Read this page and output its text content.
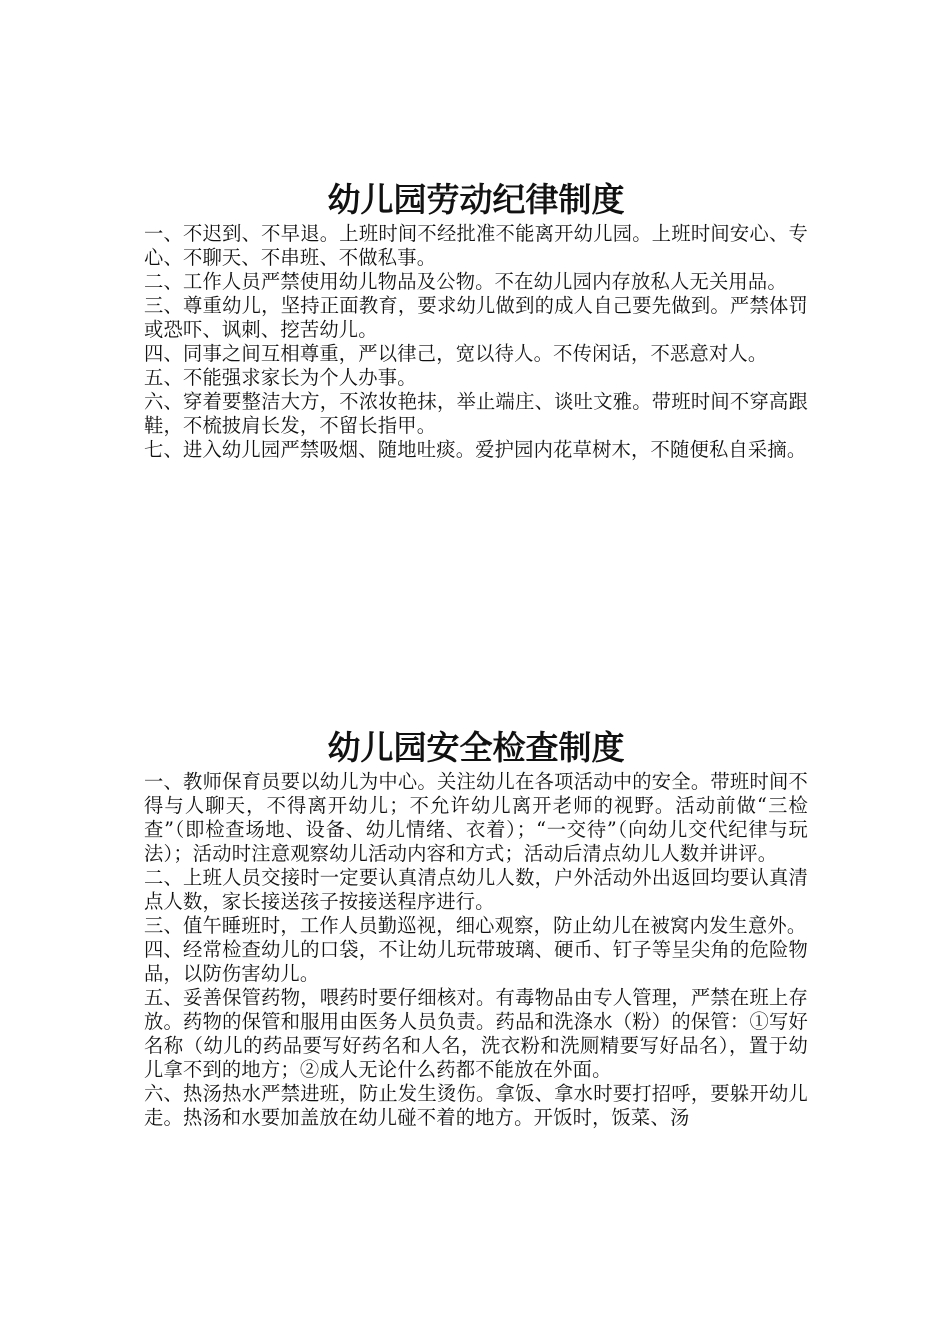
幼儿园劳动纪律制度

一、不迟到、不早退。上班时间不经批准不能离开幼儿园。上班时间安心、专心、不聊天、不串班、不做私事。

二、工作人员严禁使用幼儿物品及公物。不在幼儿园内存放私人无关用品。

三、尊重幼儿，坚持正面教育，要求幼儿做到的成人自己要先做到。严禁体罚或恐吓、讽刺、挖苦幼儿。

四、同事之间互相尊重，严以律己，宽以待人。不传闲话，不恶意对人。

五、不能强求家长为个人办事。

六、穿着要整洁大方，不浓妆艳抹，举止端庄、谈吐文雅。带班时间不穿高跟鞋，不梳披肩长发，不留长指甲。

七、进入幼儿园严禁吸烟、随地吐痰。爱护园内花草树木，不随便私自采摘。

幼儿园安全检查制度

一、教师保育员要以幼儿为中心。关注幼儿在各项活动中的安全。带班时间不得与人聊天，不得离开幼儿；不允许幼儿离开老师的视野。活动前做“三检查”（即检查场地、设备、幼儿情绪、衣着）；“一交待”（向幼儿交代纪律与玩法）；活动时注意观察幼儿活动内容和方式；活动后清点幼儿人数并讲评。

二、上班人员交接时一定要认真清点幼儿人数，户外活动外出返回均要认真清点人数，家长接送孩子按接送程序进行。

三、值午睡班时，工作人员勤巡视，细心观察，防止幼儿在被窝内发生意外。

四、经常检查幼儿的口袋，不让幼儿玩带玻璃、硬币、钉子等呈尖角的危险物品，以防伤害幼儿。

五、妥善保管药物，喂药时要仔细核对。有毒物品由专人管理，严禁在班上存放。药物的保管和服用由医务人员负责。药品和洗涤水（粉）的保管：①写好名称（幼儿的药品要写好药名和人名，洗衣粉和洗厕精要写好品名），置于幼儿拿不到的地方；②成人无论什么药都不能放在外面。

六、热汤热水严禁进班，防止发生烫伤。拿饭、拿水时要打招呼，要躲开幼儿走。热汤和水要加盖放在幼儿碰不着的地方。开饭时，饭菜、汤
